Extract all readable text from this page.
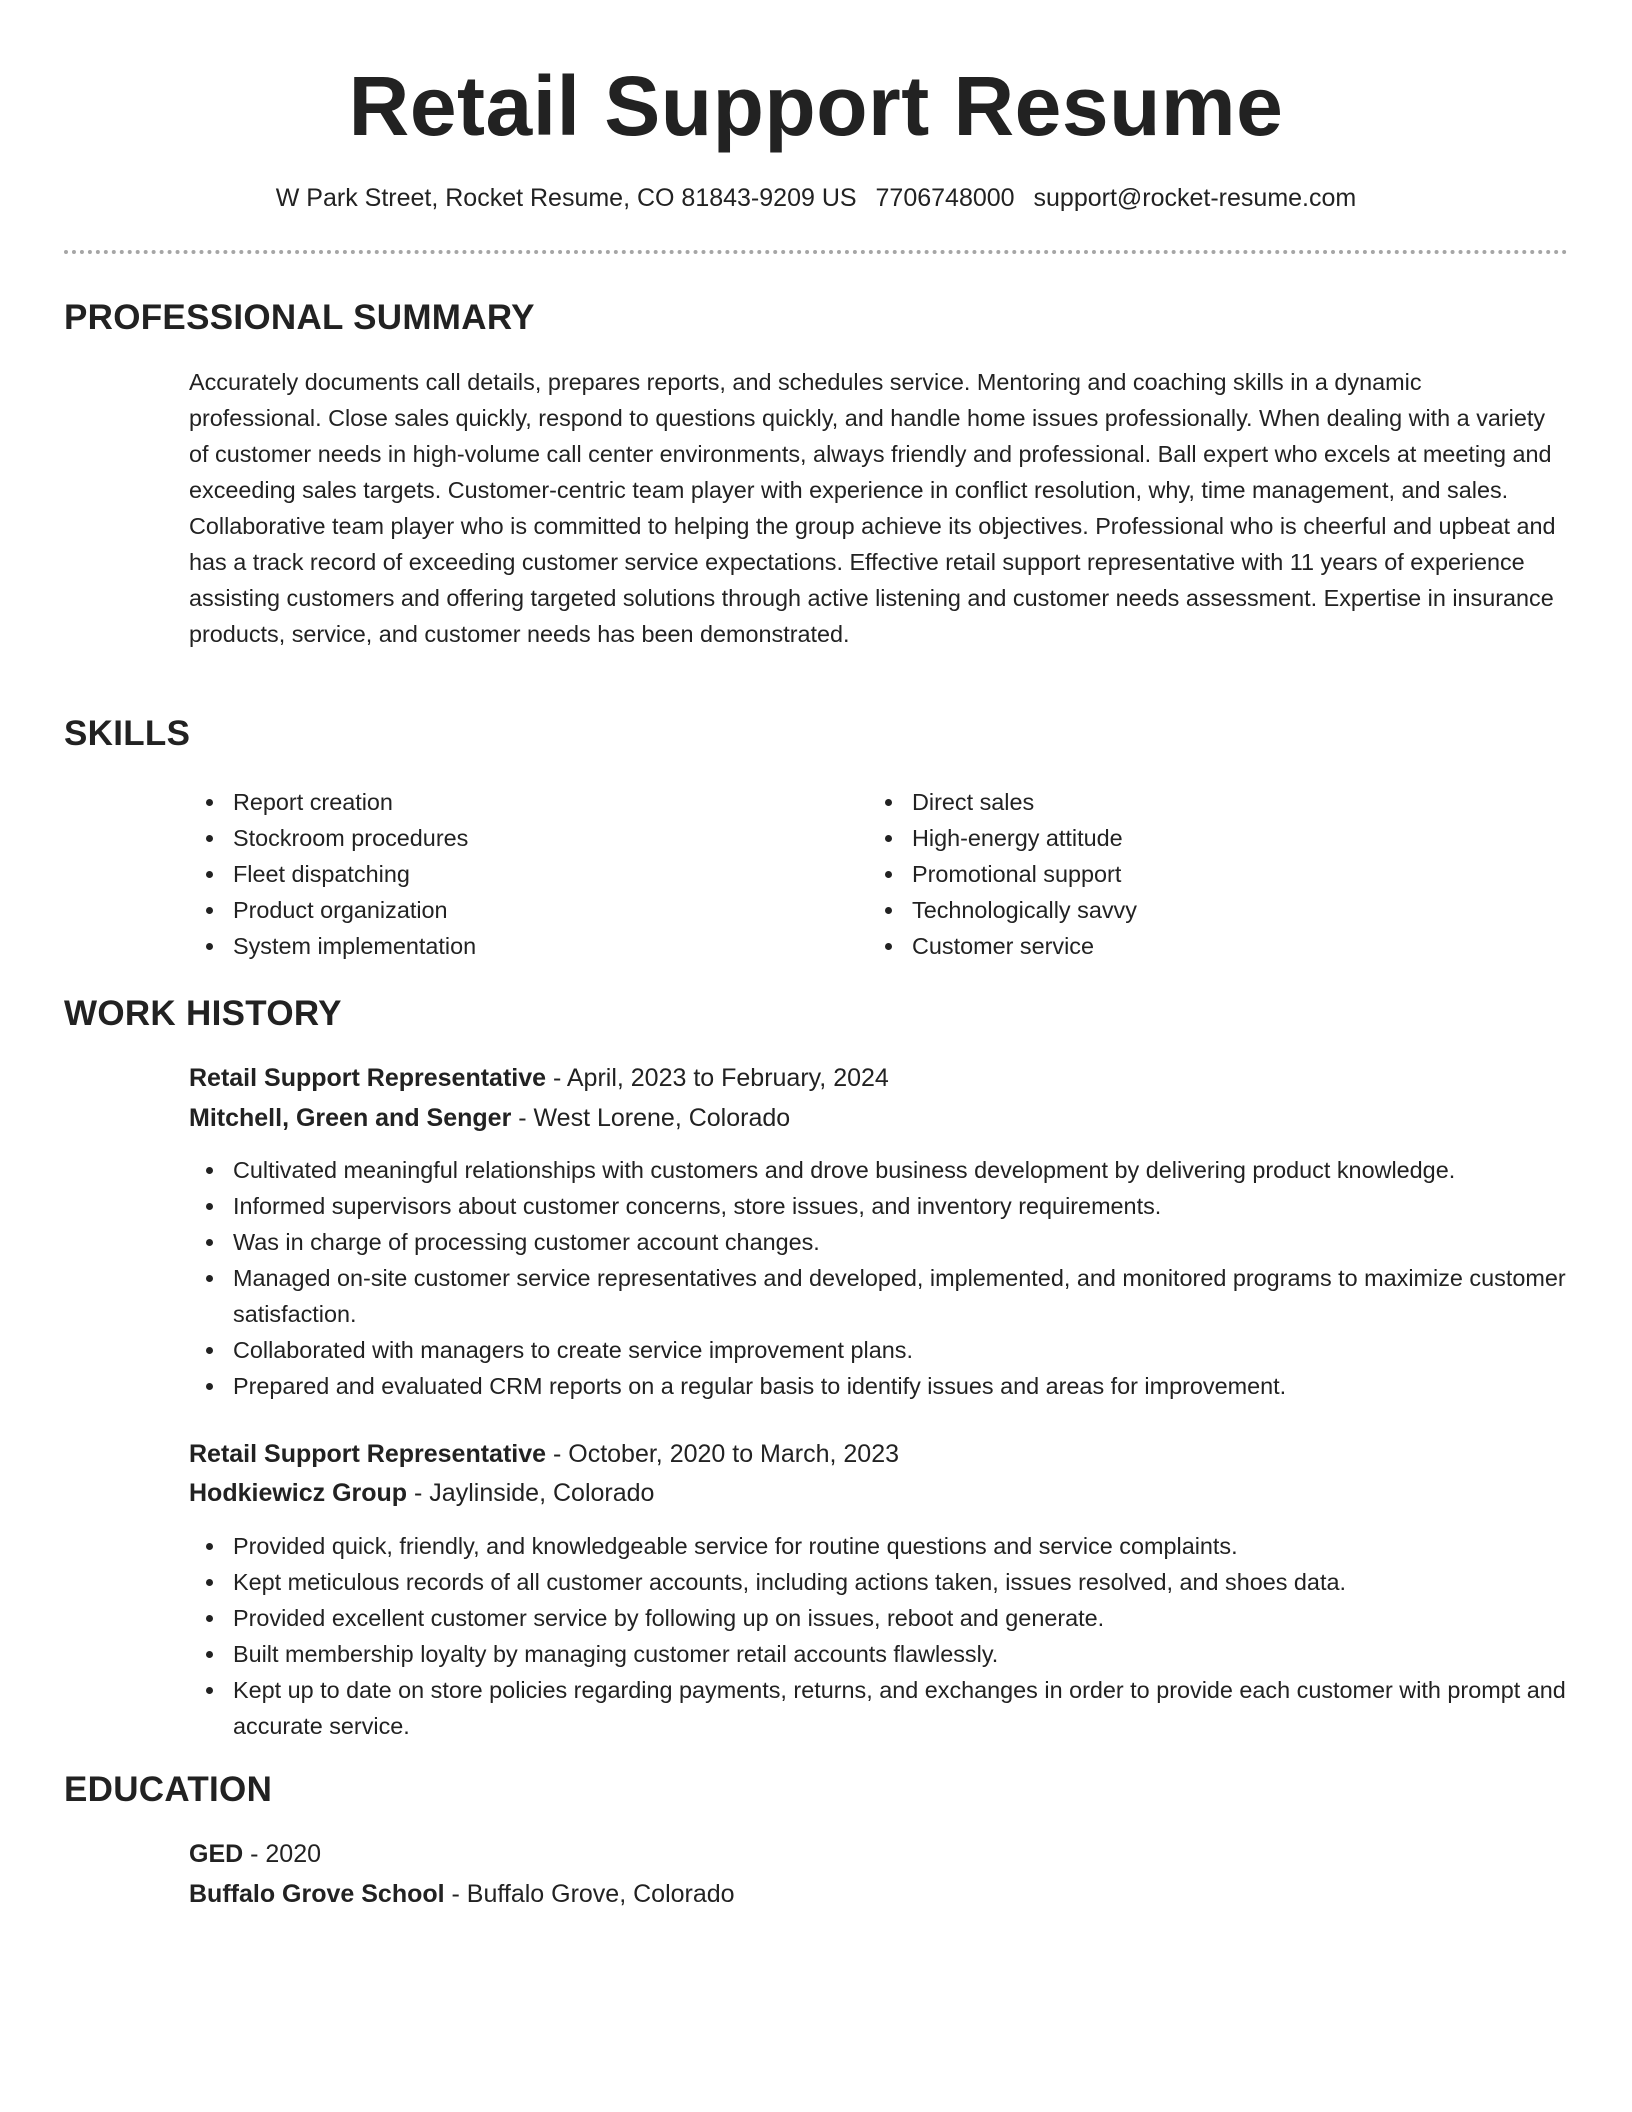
Retail Support Resume
W Park Street, Rocket Resume, CO 81843-9209 US 7706748000 support@rocket-resume.com
PROFESSIONAL SUMMARY

Accurately documents call details, prepares reports, and schedules service. Mentoring and coaching skills in a dynamic professional. Close sales quickly, respond to questions quickly, and handle home issues professionally. When dealing with a variety of customer needs in high-volume call center environments, always friendly and professional. Ball expert who excels at meeting and exceeding sales targets. Customer-centric team player with experience in conflict resolution, why, time management, and sales. Collaborative team player who is committed to helping the group achieve its objectives. Professional who is cheerful and upbeat and has a track record of exceeding customer service expectations. Effective retail support representative with 11 years of experience assisting customers and offering targeted solutions through active listening and customer needs assessment. Expertise in insurance products, service, and customer needs has been demonstrated.

SKILLS
Report creation
Stockroom procedures
Fleet dispatching
Product organization
System implementation
Direct sales
High-energy attitude
Promotional support
Technologically savvy
Customer service
WORK HISTORY
Retail Support Representative - April, 2023 to February, 2024
Mitchell, Green and Senger - West Lorene, Colorado
Cultivated meaningful relationships with customers and drove business development by delivering product knowledge.
Informed supervisors about customer concerns, store issues, and inventory requirements.
Was in charge of processing customer account changes.
Managed on-site customer service representatives and developed, implemented, and monitored programs to maximize customer satisfaction.
Collaborated with managers to create service improvement plans.
Prepared and evaluated CRM reports on a regular basis to identify issues and areas for improvement.
Retail Support Representative - October, 2020 to March, 2023
Hodkiewicz Group - Jaylinside, Colorado
Provided quick, friendly, and knowledgeable service for routine questions and service complaints.
Kept meticulous records of all customer accounts, including actions taken, issues resolved, and shoes data.
Provided excellent customer service by following up on issues, reboot and generate.
Built membership loyalty by managing customer retail accounts flawlessly.
Kept up to date on store policies regarding payments, returns, and exchanges in order to provide each customer with prompt and accurate service.
EDUCATION
GED - 2020
Buffalo Grove School - Buffalo Grove, Colorado
